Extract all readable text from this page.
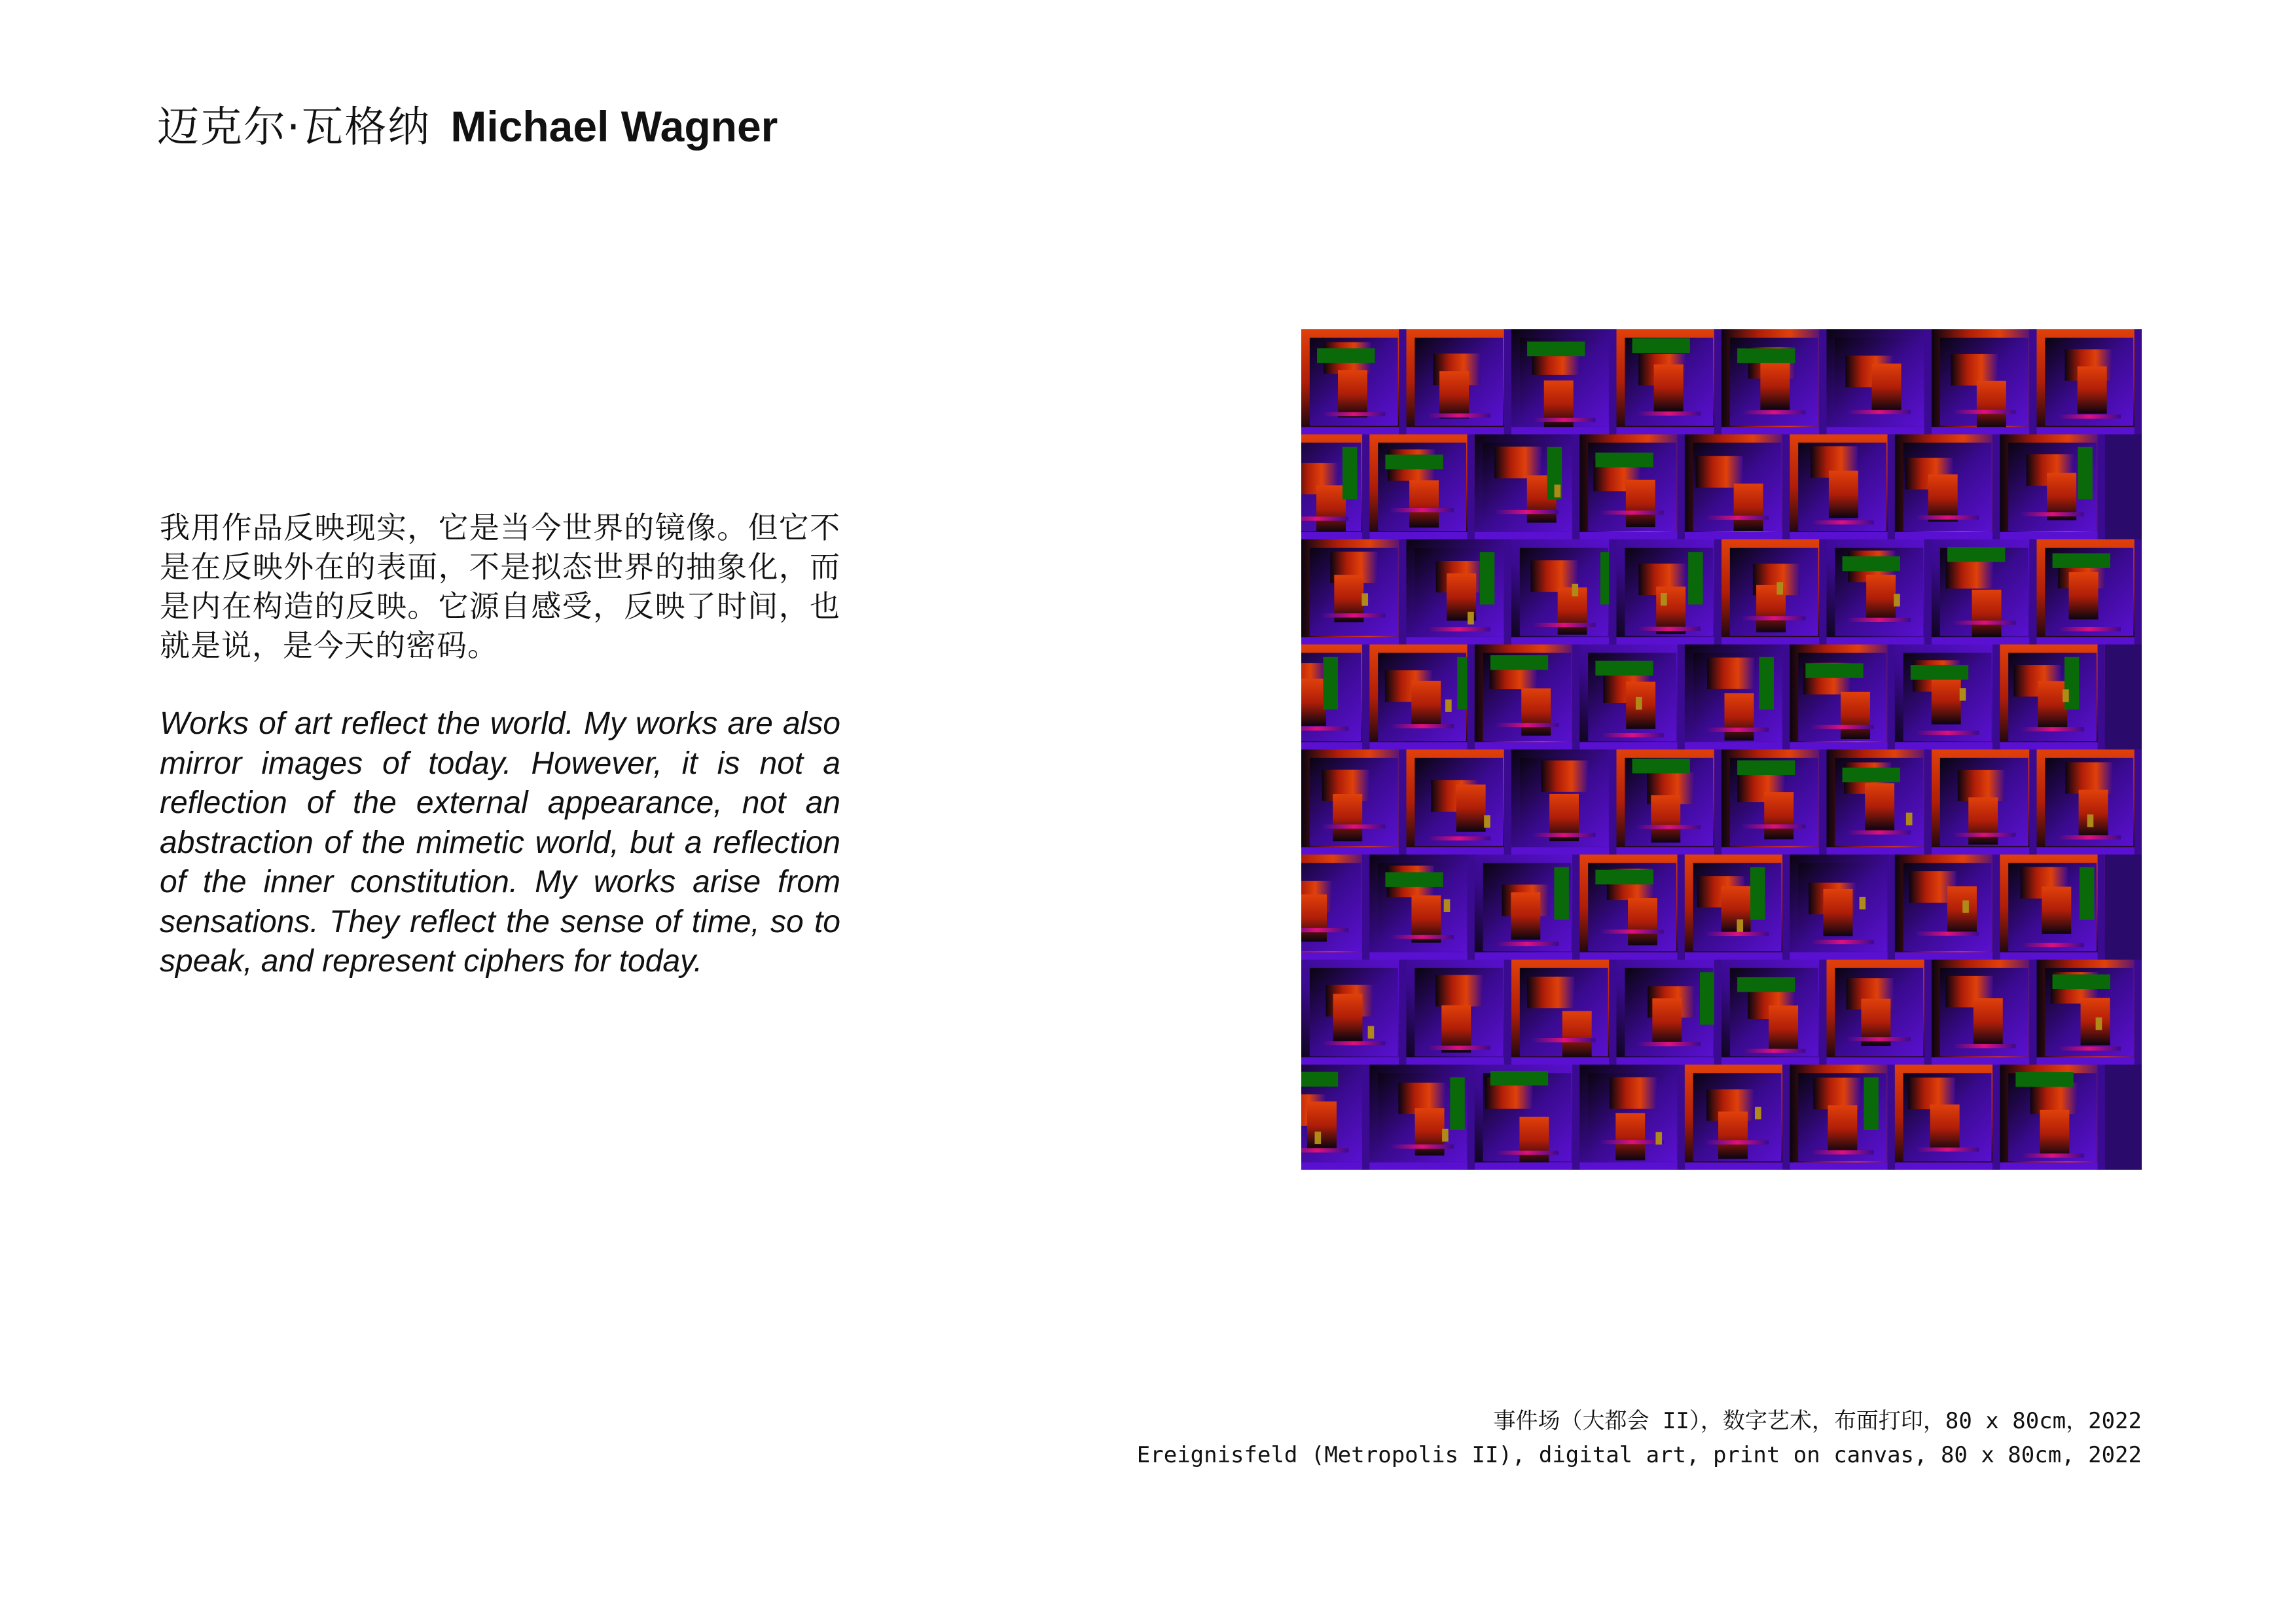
迈克尔·瓦格纳 Michael Wagner

我用作品反映现实，它是当今世界的镜像。但它不是在反映外在的表面，不是拟态世界的抽象化，而是内在构造的反映。它源自感受，反映了时间，也就是说，是今天的密码。

Works of art reflect the world. My works are also mirror images of today. However, it is not a reflection of the external appearance, not an abstraction of the mimetic world, but a reflection of the inner constitution. My works arise from sensations. They reflect the sense of time, so to speak, and represent ciphers for today.

事件场（大都会 II），数字艺术，布面打印，80 x 80cm，2022
Ereignisfeld (Metropolis II), digital art, print on canvas, 80 x 80cm, 2022
